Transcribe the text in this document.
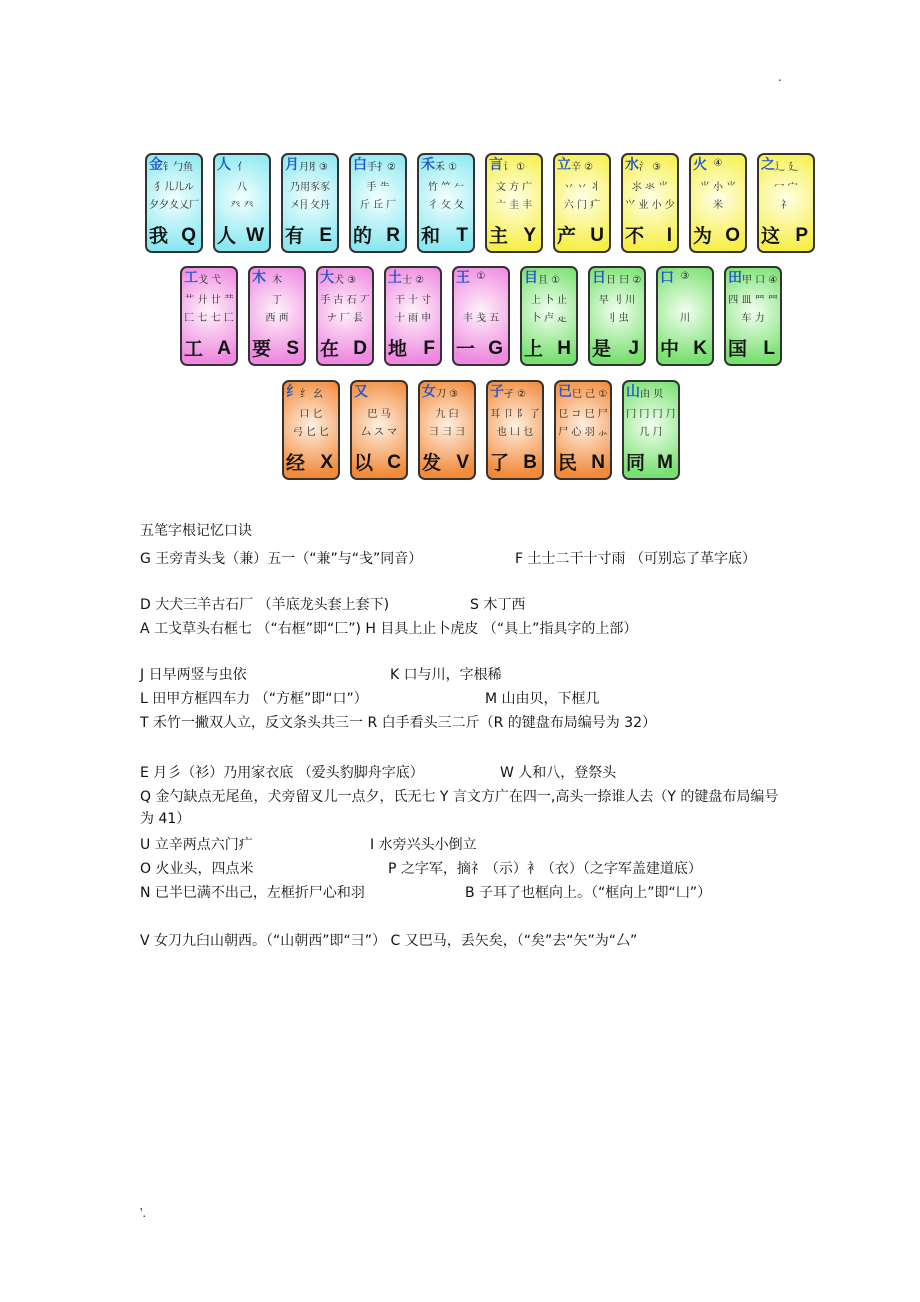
.
金 钅勹鱼
犭儿儿ル
夕夕夊乂厂
我 Q
人 亻
八
癶 癶
人 W
月 月⺼③
乃用豕豕
㐅⺝⺙丹
有 E
白 手扌②
手 ⺧
斤 丘 厂
的 R
禾 禾 ①
竹 ⺮ 𠂉
彳 攵 夂
和 T
言 讠 ①
文 方 广
亠 圭 丰
主 Y
立 辛 ②
丷 丷 丬
六 门 疒
产 U
水 氵 ③
⺢ 氺 ⺌
⺍ 业 小 少
不 I
火 ④
⺌ 小 ⺌
米
为 O
之 辶 廴
冖 宀
礻
这 P
工 戈 弋
艹 廾 廿 龷
匚 七 七 匚
工 A
木 木
丁
西 襾
要 S
大 犬 ③
手 古 石 丆
ナ 厂 镸
在 D
土 士 ②
干 十 寸
十 雨 申
地 F
王 ①
丰 戋 五
一 G
目 且 ①
上 卜 止
卜 卢 龰
上 H
日 日 曰 ②
早 刂 川
刂 虫
是 J
口 ③
川
中 K
田 甲 口 ④
四 皿 罒 罒
车 力
国 L
纟 纟 幺
口 匕
弓 匕 匕
经 X
又
巴 马
厶 ス マ
以 C
女 刀 ③
九 臼
彐 彐 彐
发 V
子 孑 ②
耳 卩 阝 了
也 凵 乜
了 B
已 巳 己 ①
㔾 コ 巳 尸
尸 心 羽 ⺗
民 N
山 由 贝
冂 冂 冂 ⺆
几 ⺆
同 M
五笔字根记忆口诀
G 王旁青头戋（兼）五一（“兼”与“戋”同音）	F 土士二干十寸雨 （可别忘了革字底）
D 大犬三羊古石厂 （羊底龙头套上套下)	S 木丁西
A 工戈草头右框七 （“右框”即“匚”) H 目具上止卜虎皮 （“具上”指具字的上部）
J 日早两竖与虫依	K 口与川，字根稀
L 田甲方框四车力 （“方框”即“口”）	M 山由贝，下框几
T 禾竹一撇双人立，反文条头共三一 R 白手看头三二斤（R 的键盘布局编号为 32）
E 月彡（衫）乃用家衣底 （爱头豹脚舟字底）	W 人和八，登祭头
Q 金勺缺点无尾鱼，犬旁留叉儿一点夕，氏无七 Y 言文方广在四一,高头一捺谁人去（Y 的键盘布局编号为 41）
U 立辛两点六门疒	I 水旁兴头小倒立
O 火业头，四点米	P 之字军，摘礻（示）衤（衣）（之字军盖建道底）
N 已半巳满不出己，左框折尸心和羽	B 子耳了也框向上。（“框向上”即“凵”）
V 女刀九臼山朝西。（“山朝西”即“彐”） C 又巴马，丢矢矣，（“矣”去“矢”为“厶”
'.
